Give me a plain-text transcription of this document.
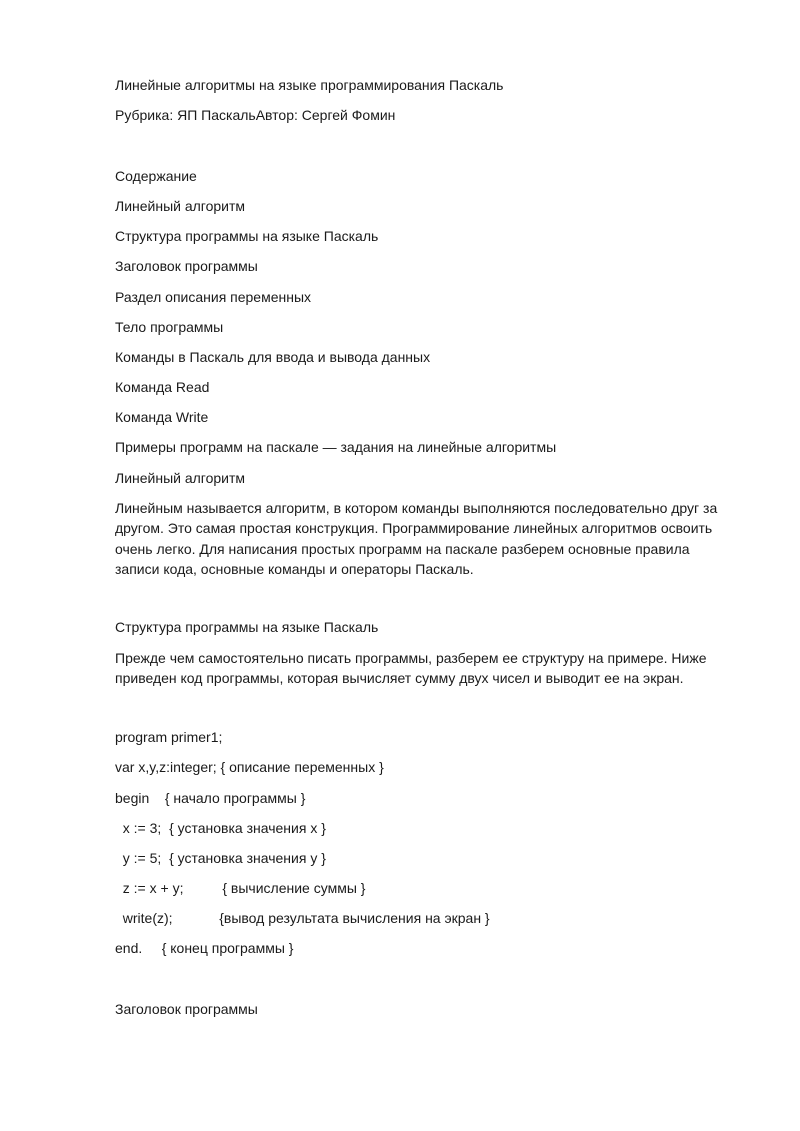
Линейные алгоритмы на языке программирования Паскаль
Рубрика: ЯП ПаскальАвтор: Сергей Фомин
Содержание
Линейный алгоритм
Структура программы на языке Паскаль
Заголовок программы
Раздел описания переменных
Тело программы
Команды в Паскаль для ввода и вывода данных
Команда Read
Команда Write
Примеры программ на паскале — задания на линейные алгоритмы
Линейный алгоритм
Линейным называется алгоритм, в котором команды выполняются последовательно друг за другом. Это самая простая конструкция. Программирование линейных алгоритмов освоить очень легко. Для написания простых программ на паскале разберем основные правила записи кода, основные команды и операторы Паскаль.
Структура программы на языке Паскаль
Прежде чем самостоятельно писать программы, разберем ее структуру на примере. Ниже приведен код программы, которая вычисляет сумму двух чисел и выводит ее на экран.
program primer1;
var x,y,z:integer; { описание переменных }
begin    { начало программы }
x := 3;  { установка значения x }
y := 5;  { установка значения y }
z := x + y;          { вычисление суммы }
write(z);            {вывод результата вычисления на экран }
end.     { конец программы }
Заголовок программы
